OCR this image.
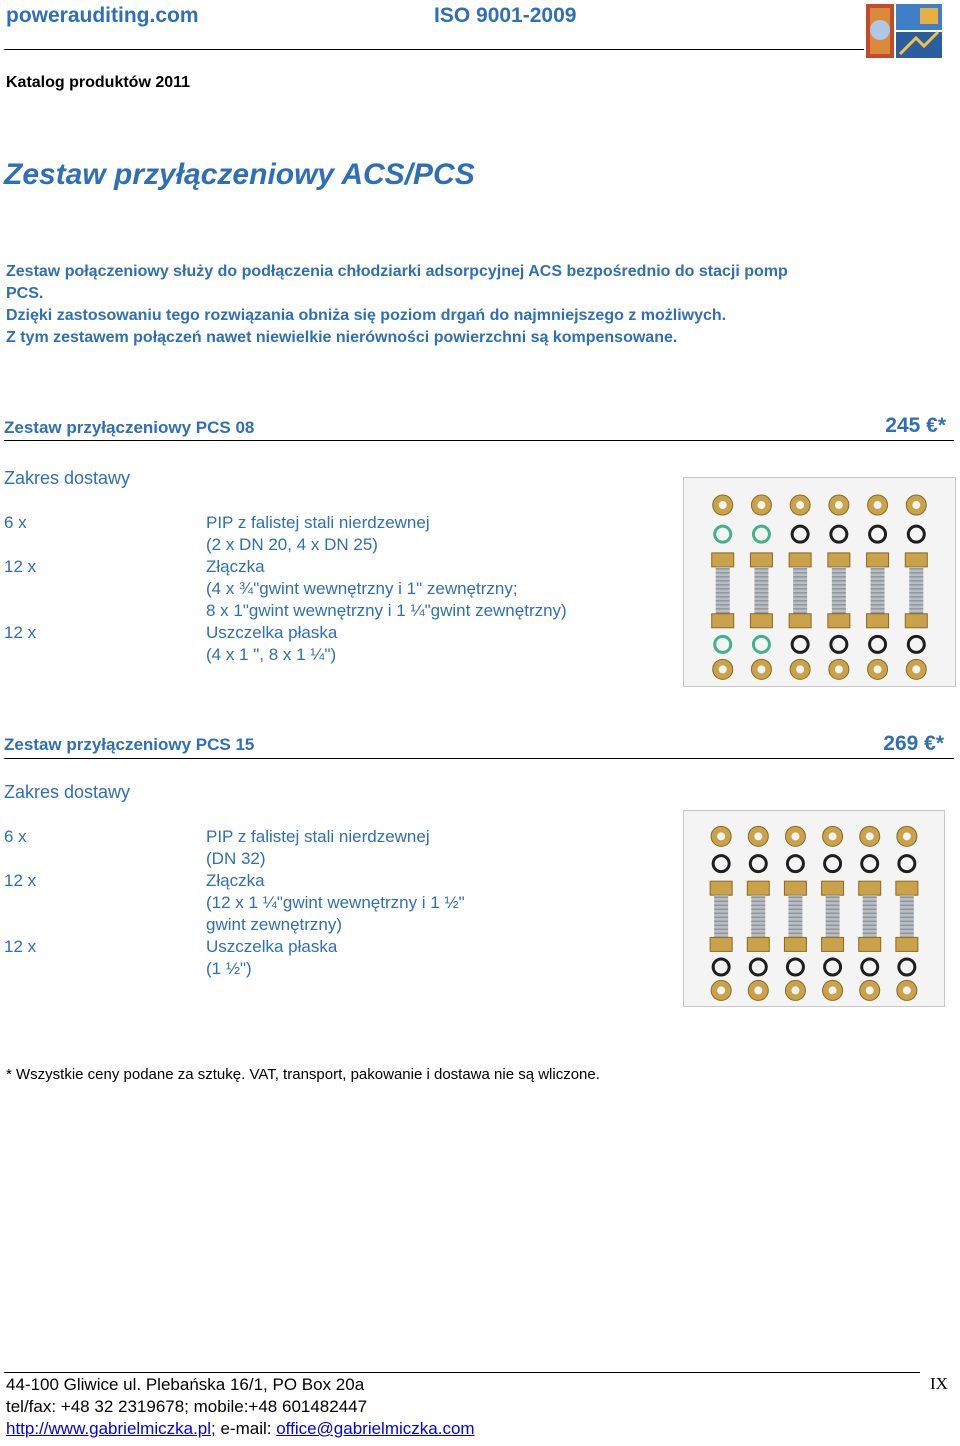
powerauditing.com	ISO 9001-2009
Katalog produktów 2011
Zestaw przyłączeniowy ACS/PCS
Zestaw połączeniowy służy do podłączenia chłodziarki adsorpcyjnej ACS bezpośrednio do stacji pomp
PCS.
Dzięki zastosowaniu tego rozwiązania obniża się poziom drgań do najmniejszego z możliwych.
Z tym zestawem połączeń nawet niewielkie nierówności powierzchni są kompensowane.
Zestaw przyłączeniowy PCS 08	245 €*
Zakres dostawy
6 x	PIP z falistej stali nierdzewnej
(2 x DN 20, 4 x DN 25)
12 x	Złączka
(4 x ¾"gwint wewnętrzny i 1" zewnętrzny;
8 x 1"gwint wewnętrzny i 1 ¼"gwint zewnętrzny)
12 x	Uszczelka płaska
(4 x 1 ", 8 x 1 ¼")
Zestaw przyłączeniowy PCS 15	269 €*
Zakres dostawy
6 x	PIP z falistej stali nierdzewnej
(DN 32)
12 x	Złączka
(12 x 1 ¼"gwint wewnętrzny i 1 ½"
gwint zewnętrzny)
12 x	Uszczelka płaska
(1 ½")
* Wszystkie ceny podane za sztukę. VAT, transport, pakowanie i dostawa nie są wliczone.
44-100 Gliwice ul. Plebańska 16/1, PO Box 20a
tel/fax: +48 32 2319678; mobile:+48 601482447
http://www.gabrielmiczka.pl; e-mail: office@gabrielmiczka.com
IX
